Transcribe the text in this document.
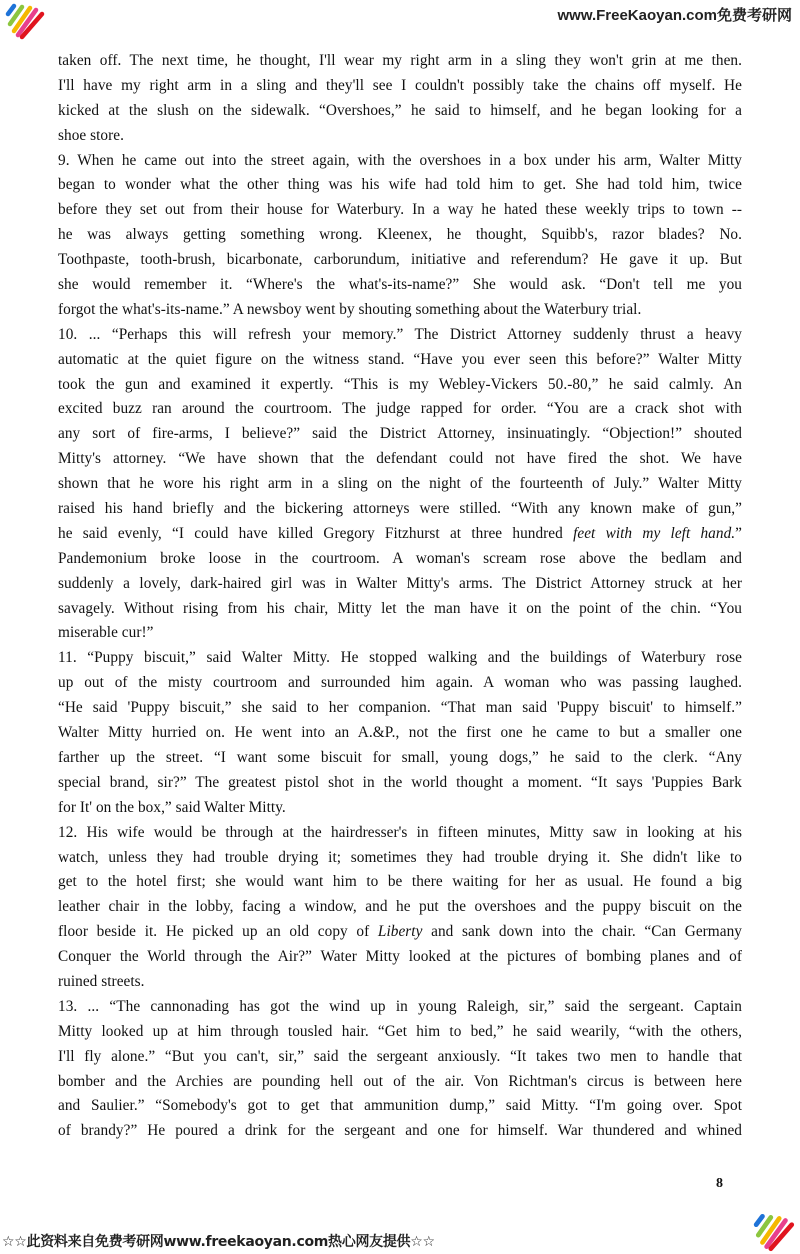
www.FreeKaoyan.com免费考研网
taken off. The next time, he thought, I'll wear my right arm in a sling they won't grin at me then.
I'll have my right arm in a sling and they'll see I couldn't possibly take the chains off myself. He
kicked at the slush on the sidewalk. “Overshoes,” he said to himself, and he began looking for a
shoe store.
9. When he came out into the street again, with the overshoes in a box under his arm, Walter Mitty
began to wonder what the other thing was his wife had told him to get. She had told him, twice
before they set out from their house for Waterbury. In a way he hated these weekly trips to town --
he was always getting something wrong. Kleenex, he thought, Squibb's, razor blades? No.
Toothpaste, tooth-brush, bicarbonate, carborundum, initiative and referendum? He gave it up. But
she would remember it. “Where's the what's-its-name?” She would ask. “Don't tell me you
forgot the what's-its-name.” A newsboy went by shouting something about the Waterbury trial.
10. ... “Perhaps this will refresh your memory.” The District Attorney suddenly thrust a heavy
automatic at the quiet figure on the witness stand. “Have you ever seen this before?” Walter Mitty
took the gun and examined it expertly. “This is my Webley-Vickers 50.-80,” he said calmly. An
excited buzz ran around the courtroom. The judge rapped for order. “You are a crack shot with
any sort of fire-arms, I believe?” said the District Attorney, insinuatingly. “Objection!” shouted
Mitty's attorney. “We have shown that the defendant could not have fired the shot. We have
shown that he wore his right arm in a sling on the night of the fourteenth of July.” Walter Mitty
raised his hand briefly and the bickering attorneys were stilled. “With any known make of gun,”
he said evenly, “I could have killed Gregory Fitzhurst at three hundred feet with my left hand.”
Pandemonium broke loose in the courtroom. A woman's scream rose above the bedlam and
suddenly a lovely, dark-haired girl was in Walter Mitty's arms. The District Attorney struck at her
savagely. Without rising from his chair, Mitty let the man have it on the point of the chin. “You
miserable cur!”
11. “Puppy biscuit,” said Walter Mitty. He stopped walking and the buildings of Waterbury rose
up out of the misty courtroom and surrounded him again. A woman who was passing laughed.
“He said 'Puppy biscuit,” she said to her companion. “That man said 'Puppy biscuit' to himself.”
Walter Mitty hurried on. He went into an A.&P., not the first one he came to but a smaller one
farther up the street. “I want some biscuit for small, young dogs,” he said to the clerk. “Any
special brand, sir?” The greatest pistol shot in the world thought a moment. “It says 'Puppies Bark
for It' on the box,” said Walter Mitty.
12. His wife would be through at the hairdresser's in fifteen minutes, Mitty saw in looking at his
watch, unless they had trouble drying it; sometimes they had trouble drying it. She didn't like to
get to the hotel first; she would want him to be there waiting for her as usual. He found a big
leather chair in the lobby, facing a window, and he put the overshoes and the puppy biscuit on the
floor beside it. He picked up an old copy of Liberty and sank down into the chair. “Can Germany
Conquer the World through the Air?” Water Mitty looked at the pictures of bombing planes and of
ruined streets.
13. ... “The cannonading has got the wind up in young Raleigh, sir,” said the sergeant. Captain
Mitty looked up at him through tousled hair. “Get him to bed,” he said wearily, “with the others,
I'll fly alone.” “But you can't, sir,” said the sergeant anxiously. “It takes two men to handle that
bomber and the Archies are pounding hell out of the air. Von Richtman's circus is between here
and Saulier.” “Somebody's got to get that ammunition dump,” said Mitty. “I'm going over. Spot
of brandy?” He poured a drink for the sergeant and one for himself. War thundered and whined
8
☆☆此资料来自免费考研网www.freekaoyan.com热心网友提供☆☆
